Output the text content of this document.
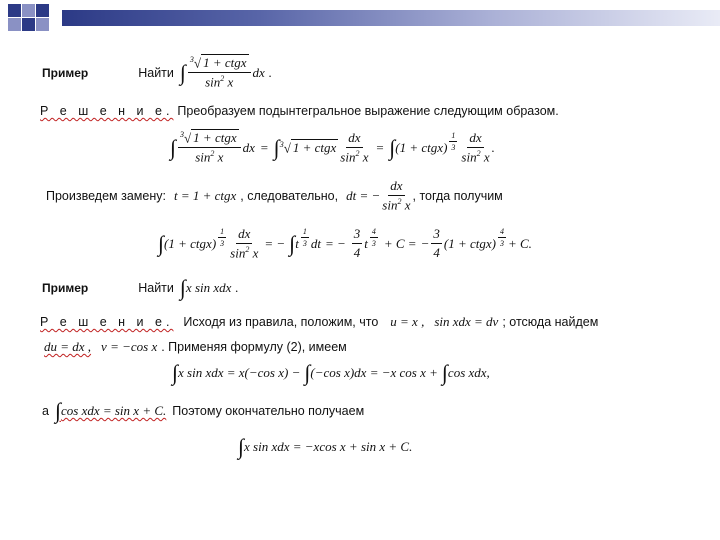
Пример	Найти ∫ $\frac{^3√ 1 + ctgx}{\sin^2 x}$ dx .
Р е ш е н и е. Преобразуем подынтегральное выражение следующим образом.
∫ $\frac{^3√ 1 + ctgx}{\sin^2 x}$ dx = ∫ $^3$√ 1 + ctgx $\frac{dx}{\sin^2 x}$ = ∫ (1 + ctgx) $\frac{1}{3} \frac{dx}{\sin^2 x}$ .
Произведем замену: t = 1 + ctgx , следовательно, dt = − $\frac{dx}{\sin^2 x}$ , тогда получим
∫ (1 + ctgx) $\frac{1}{3} \frac{dx}{\sin^2 x}$ = − ∫ t $\frac{1}{3}$ dt = − $\frac{3}{4}$ t $\frac{4}{3} + C$ = − $\frac{3}{4} (1$ + ctgx) $\frac{4}{3} + C$.
Пример	Найти ∫ x sin xdx .
Р е ш е н и е. Исходя из правила, положим, что u = x , sin xdx = dv ; отсюда найдем
du = dx , v = −cos x . Применяя формулу (2), имеем
∫ x sin xdx = x(−cos x) − ∫ (−cos x)dx = −x cos x + ∫ cos xdx,
а ∫ cos xdx = sin x + C. Поэтому окончательно получаем
∫ x sin xdx = −xcos x + sin x + C.
